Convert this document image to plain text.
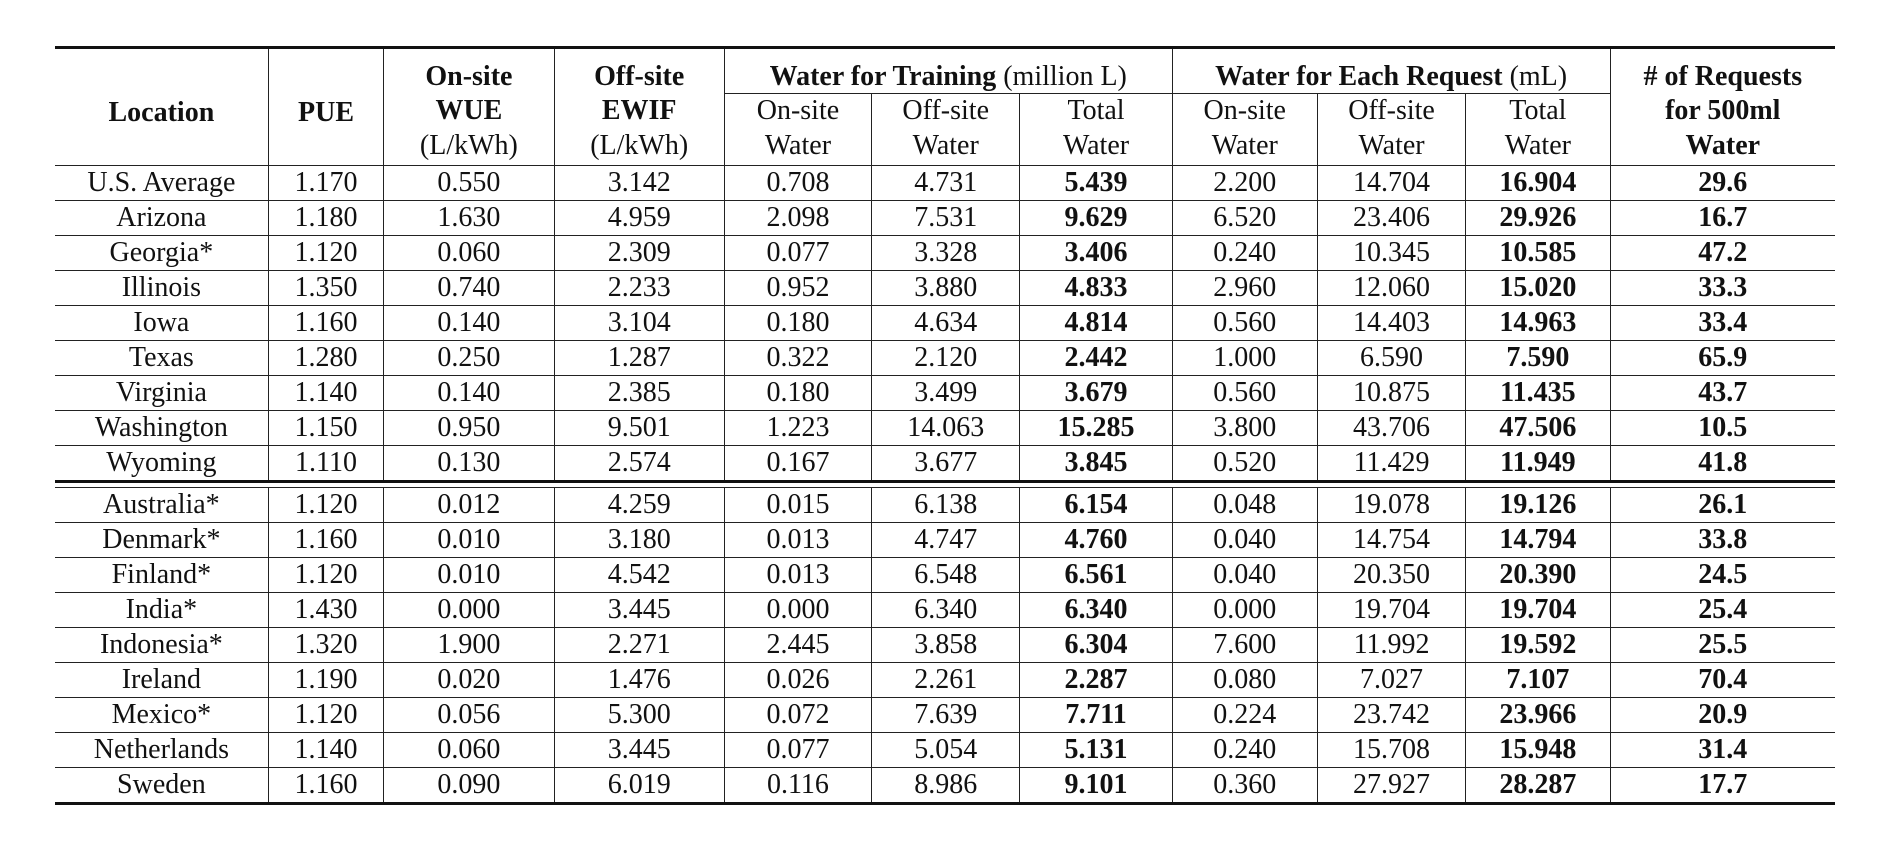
Location	PUE	On-site	Off-site	Water for Training (million L)			Water for Each Request (mL)			# of Requests
		WUE	EWIF	On-site	Off-site	Total	On-site	Off-site	Total	for 500ml
		(L/kWh)	(L/kWh)	Water	Water	Water	Water	Water	Water	Water
U.S. Average	1.170	0.550	3.142	0.708	4.731	5.439	2.200	14.704	16.904	29.6
Arizona	1.180	1.630	4.959	2.098	7.531	9.629	6.520	23.406	29.926	16.7
Georgia*	1.120	0.060	2.309	0.077	3.328	3.406	0.240	10.345	10.585	47.2
Illinois	1.350	0.740	2.233	0.952	3.880	4.833	2.960	12.060	15.020	33.3
Iowa	1.160	0.140	3.104	0.180	4.634	4.814	0.560	14.403	14.963	33.4
Texas	1.280	0.250	1.287	0.322	2.120	2.442	1.000	6.590	7.590	65.9
Virginia	1.140	0.140	2.385	0.180	3.499	3.679	0.560	10.875	11.435	43.7
Washington	1.150	0.950	9.501	1.223	14.063	15.285	3.800	43.706	47.506	10.5
Wyoming	1.110	0.130	2.574	0.167	3.677	3.845	0.520	11.429	11.949	41.8

Australia*	1.120	0.012	4.259	0.015	6.138	6.154	0.048	19.078	19.126	26.1
Denmark*	1.160	0.010	3.180	0.013	4.747	4.760	0.040	14.754	14.794	33.8
Finland*	1.120	0.010	4.542	0.013	6.548	6.561	0.040	20.350	20.390	24.5
India*	1.430	0.000	3.445	0.000	6.340	6.340	0.000	19.704	19.704	25.4
Indonesia*	1.320	1.900	2.271	2.445	3.858	6.304	7.600	11.992	19.592	25.5
Ireland	1.190	0.020	1.476	0.026	2.261	2.287	0.080	7.027	7.107	70.4
Mexico*	1.120	0.056	5.300	0.072	7.639	7.711	0.224	23.742	23.966	20.9
Netherlands	1.140	0.060	3.445	0.077	5.054	5.131	0.240	15.708	15.948	31.4
Sweden	1.160	0.090	6.019	0.116	8.986	9.101	0.360	27.927	28.287	17.7
